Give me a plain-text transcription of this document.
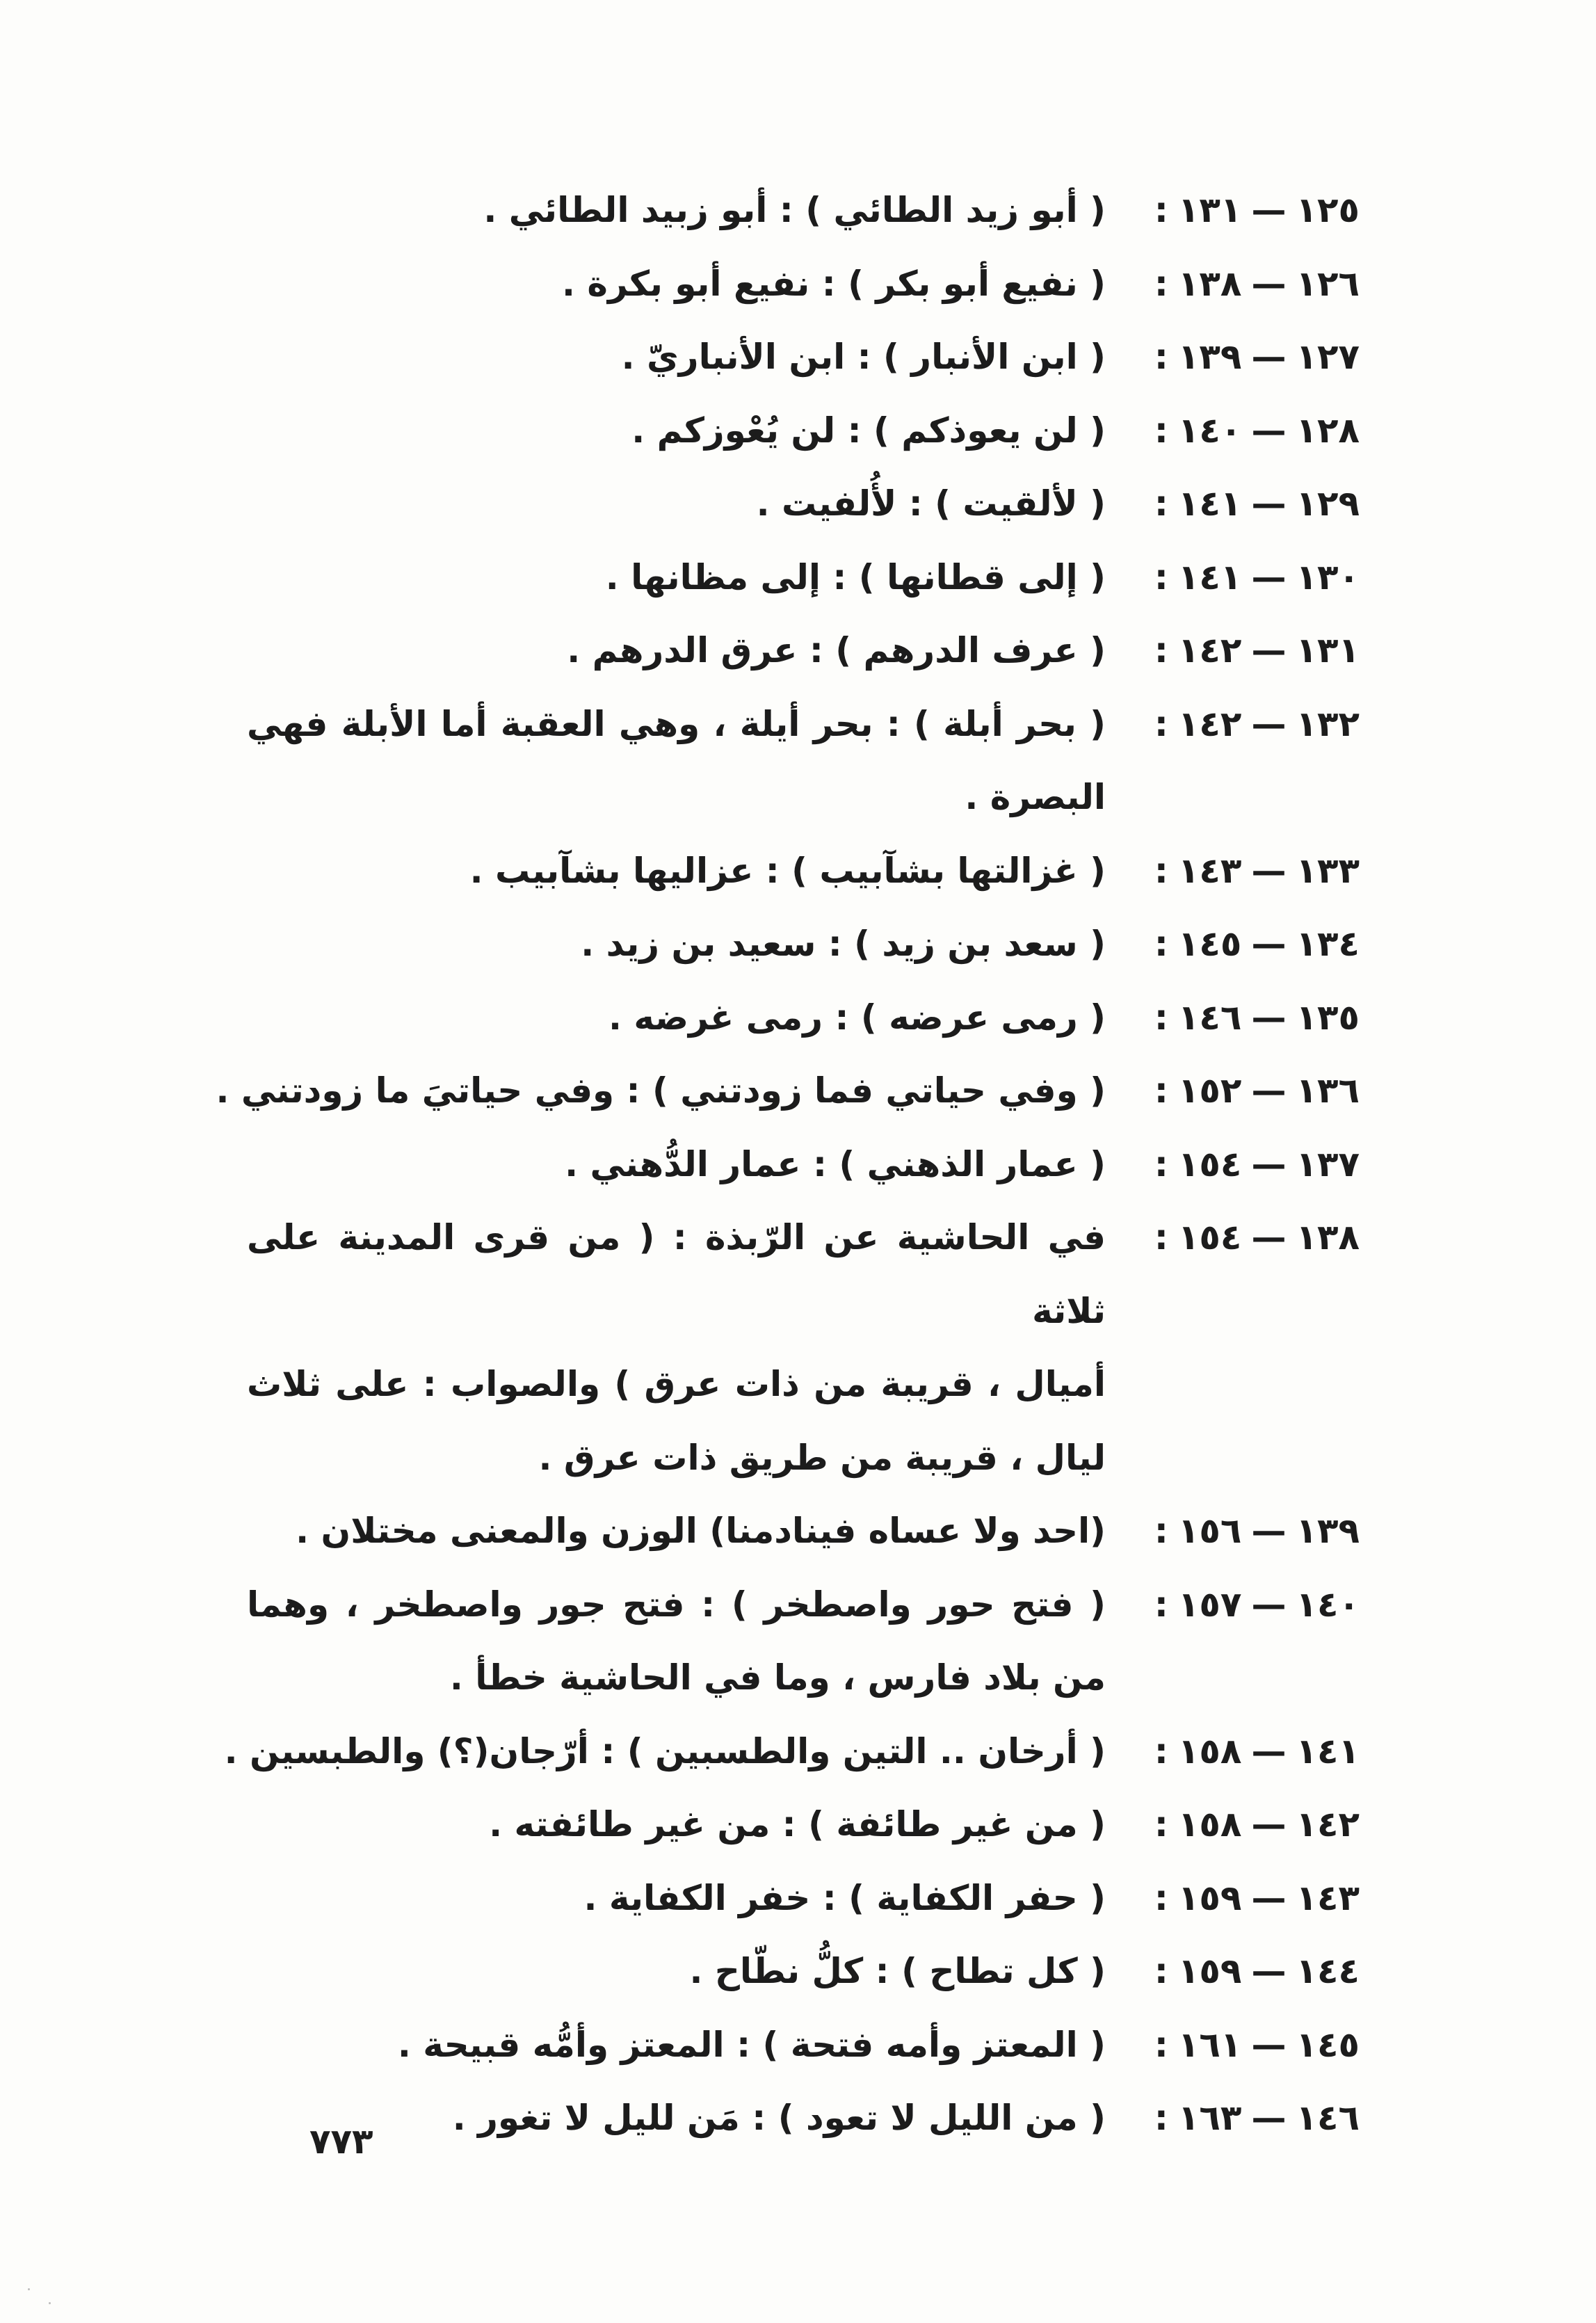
١٢٥—١٣١:
( أبو زيد الطائي ) : أبو زبيد الطائي .
١٢٦—١٣٨:
( نفيع أبو بكر ) : نفيع أبو بكرة .
١٢٧—١٣٩:
( ابن الأنبار ) : ابن الأنباريّ .
١٢٨—١٤٠:
( لن يعوذكم ) : لن يُعْوزكم .
١٢٩—١٤١:
( لألقيت ) : لأُلفيت .
١٣٠—١٤١:
( إلى قطانها ) : إلى مظانها .
١٣١—١٤٢:
( عرف الدرهم ) : عرق الدرهم .
١٣٢—١٤٢:
( بحر أبلة ) : بحر أيلة ، وهي العقبة أما الأبلة فهي
البصرة .
١٣٣—١٤٣:
( غزالتها بشآبيب ) : عزاليها بشآبيب .
١٣٤—١٤٥:
( سعد بن زيد ) : سعيد بن زيد .
١٣٥—١٤٦:
( رمى عرضه ) : رمى غرضه .
١٣٦—١٥٢:
( وفي حياتي فما زودتني ) : وفي حياتيَ ما زودتني .
١٣٧—١٥٤:
( عمار الذهني ) : عمار الدُّهني .
١٣٨—١٥٤:
في الحاشية عن الرّبذة : ( من قرى المدينة على ثلاثة
أميال ، قريبة من ذات عرق ) والصواب : على ثلاث
ليال ، قريبة من طريق ذات عرق .
١٣٩—١٥٦:
(احد ولا عساه فينادمنا) الوزن والمعنى مختلان .
١٤٠—١٥٧:
( فتح حور واصطخر ) : فتح جور واصطخر ، وهما
من بلاد فارس ، وما في الحاشية خطأ .
١٤١—١٥٨:
( أرخان .. التين والطسبين ) : أرّجان(؟) والطبسين .
١٤٢—١٥٨:
( من غير طائفة ) : من غير طائفته .
١٤٣—١٥٩:
( حفر الكفاية ) : خفر الكفاية .
١٤٤—١٥٩:
( كل تطاح ) : كلُّ نطّاح .
١٤٥—١٦١:
( المعتز وأمه فتحة ) : المعتز وأمُّه قبيحة .
١٤٦—١٦٣:
( من الليل لا تعود ) : مَن لليل لا تغور .
٧٧٣
